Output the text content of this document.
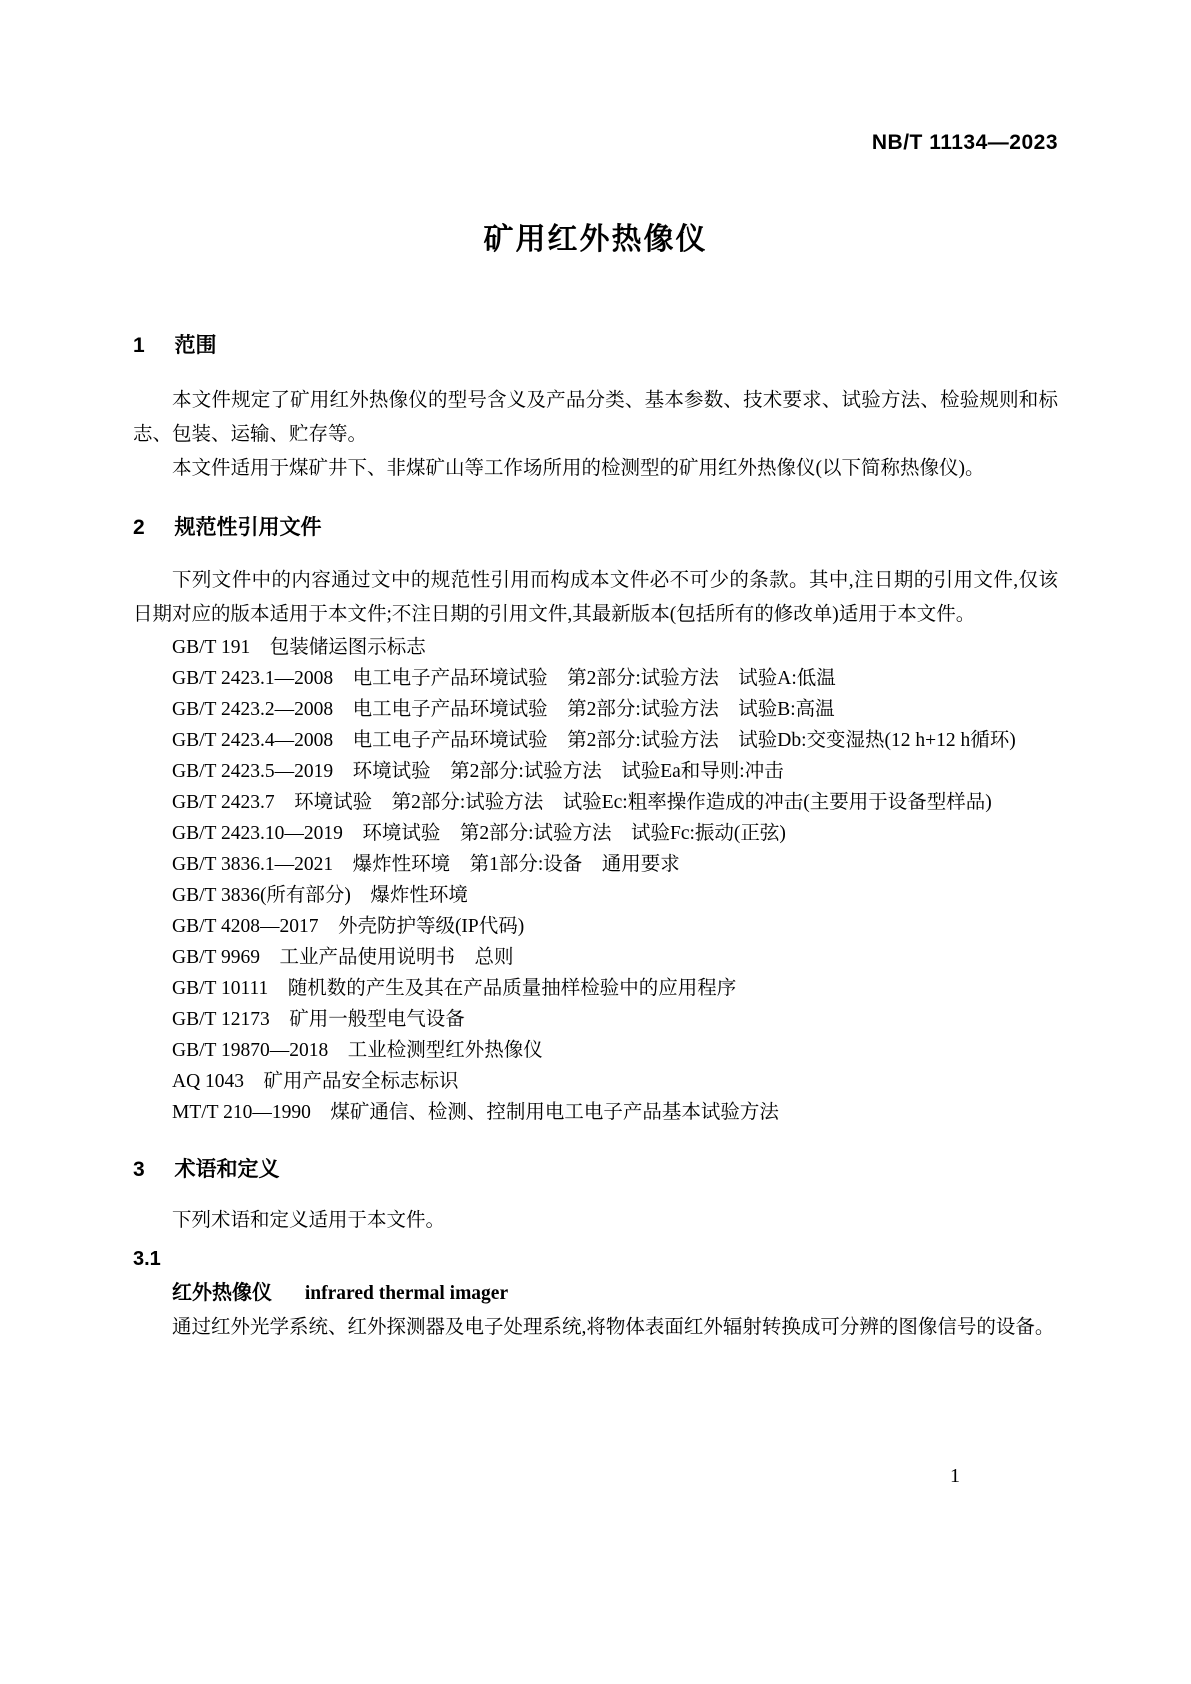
NB/T 11134—2023
矿用红外热像仪
1 范围

本文件规定了矿用红外热像仪的型号含义及产品分类、基本参数、技术要求、试验方法、检验规则和标志、包装、运输、贮存等。

本文件适用于煤矿井下、非煤矿山等工作场所用的检测型的矿用红外热像仪(以下简称热像仪)。

2 规范性引用文件

下列文件中的内容通过文中的规范性引用而构成本文件必不可少的条款。其中,注日期的引用文件,仅该日期对应的版本适用于本文件;不注日期的引用文件,其最新版本(包括所有的修改单)适用于本文件。

GB/T 191　包装储运图示标志

GB/T 2423.1—2008　电工电子产品环境试验　第2部分:试验方法　试验A:低温

GB/T 2423.2—2008　电工电子产品环境试验　第2部分:试验方法　试验B:高温

GB/T 2423.4—2008　电工电子产品环境试验　第2部分:试验方法　试验Db:交变湿热(12 h+12 h循环)

GB/T 2423.5—2019　环境试验　第2部分:试验方法　试验Ea和导则:冲击

GB/T 2423.7　环境试验　第2部分:试验方法　试验Ec:粗率操作造成的冲击(主要用于设备型样品)

GB/T 2423.10—2019　环境试验　第2部分:试验方法　试验Fc:振动(正弦)

GB/T 3836.1—2021　爆炸性环境　第1部分:设备　通用要求

GB/T 3836(所有部分)　爆炸性环境

GB/T 4208—2017　外壳防护等级(IP代码)

GB/T 9969　工业产品使用说明书　总则

GB/T 10111　随机数的产生及其在产品质量抽样检验中的应用程序

GB/T 12173　矿用一般型电气设备

GB/T 19870—2018　工业检测型红外热像仪

AQ 1043　矿用产品安全标志标识

MT/T 210—1990　煤矿通信、检测、控制用电工电子产品基本试验方法

3 术语和定义

下列术语和定义适用于本文件。

3.1

红外热像仪 infrared thermal imager

通过红外光学系统、红外探测器及电子处理系统,将物体表面红外辐射转换成可分辨的图像信号的设备。

1
